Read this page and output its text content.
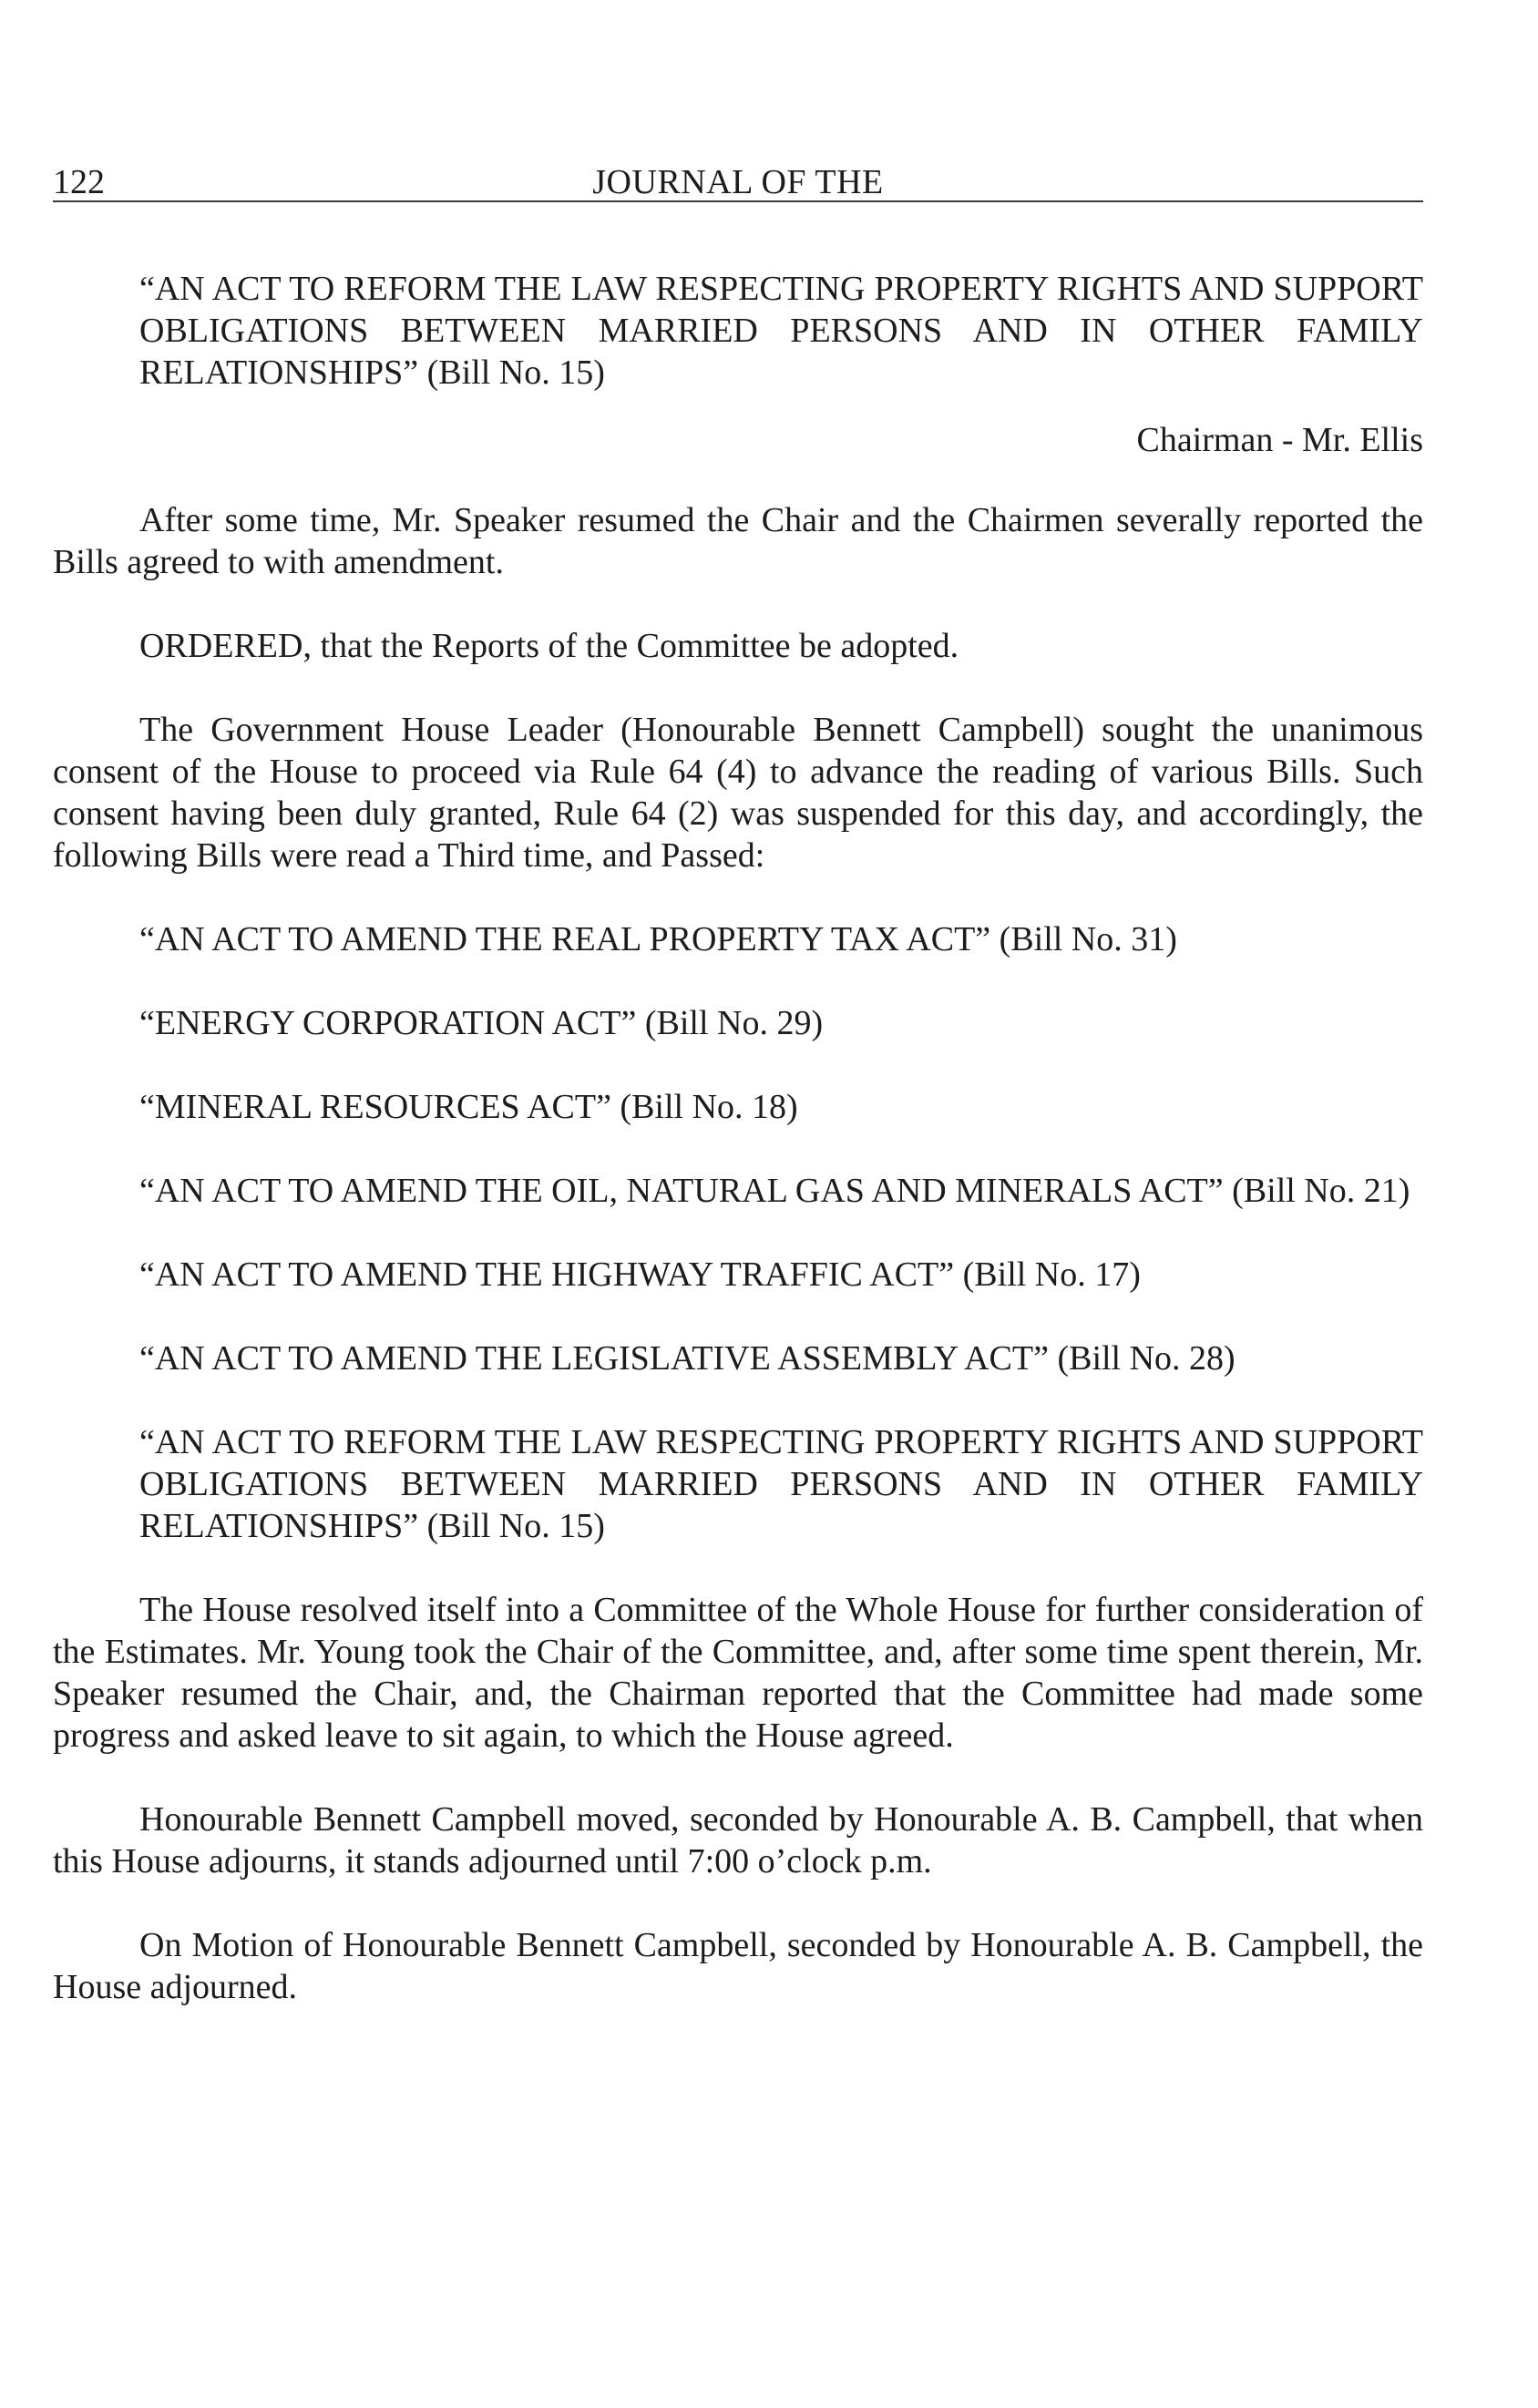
122	JOURNAL OF THE

“AN ACT TO REFORM THE LAW RESPECTING PROPERTY RIGHTS AND SUPPORT OBLIGATIONS BETWEEN MARRIED PERSONS AND IN OTHER FAMILY RELATIONSHIPS” (Bill No. 15)

Chairman - Mr. Ellis

After some time, Mr. Speaker resumed the Chair and the Chairmen severally reported the Bills agreed to with amendment.

ORDERED, that the Reports of the Committee be adopted.

The Government House Leader (Honourable Bennett Campbell) sought the unanimous consent of the House to proceed via Rule 64 (4) to advance the reading of various Bills. Such consent having been duly granted, Rule 64 (2) was suspended for this day, and accordingly, the following Bills were read a Third time, and Passed:

“AN ACT TO AMEND THE REAL PROPERTY TAX ACT” (Bill No. 31)

“ENERGY CORPORATION ACT” (Bill No. 29)

“MINERAL RESOURCES ACT” (Bill No. 18)

“AN ACT TO AMEND THE OIL, NATURAL GAS AND MINERALS ACT” (Bill No. 21)

“AN ACT TO AMEND THE HIGHWAY TRAFFIC ACT” (Bill No. 17)

“AN ACT TO AMEND THE LEGISLATIVE ASSEMBLY ACT” (Bill No. 28)

“AN ACT TO REFORM THE LAW RESPECTING PROPERTY RIGHTS AND SUPPORT OBLIGATIONS BETWEEN MARRIED PERSONS AND IN OTHER FAMILY RELATIONSHIPS” (Bill No. 15)

The House resolved itself into a Committee of the Whole House for further consideration of the Estimates. Mr. Young took the Chair of the Committee, and, after some time spent therein, Mr. Speaker resumed the Chair, and, the Chairman reported that the Committee had made some progress and asked leave to sit again, to which the House agreed.

Honourable Bennett Campbell moved, seconded by Honourable A. B. Campbell, that when this House adjourns, it stands adjourned until 7:00 o’clock p.m.

On Motion of Honourable Bennett Campbell, seconded by Honourable A. B. Campbell, the House adjourned.
